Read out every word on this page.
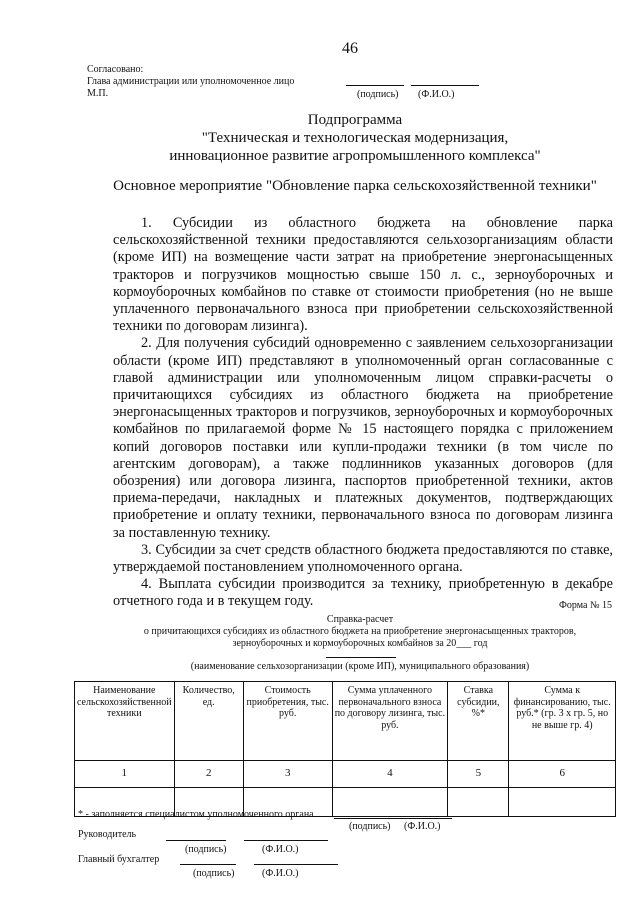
46
Согласовано:
Глава администрации или уполномоченное лицо
М.П.	(подпись) (Ф.И.О.)
Подпрограмма
"Техническая и технологическая модернизация,
инновационное развитие агропромышленного комплекса"
Основное мероприятие "Обновление парка сельскохозяйственной техники"

1. Субсидии из областного бюджета на обновление парка сельскохозяйственной техники предоставляются сельхозорганизациям области (кроме ИП) на возмещение части затрат на приобретение энергонасыщенных тракторов и погрузчиков мощностью свыше 150 л. с., зерноуборочных и кормоуборочных комбайнов по ставке от стоимости приобретения (но не выше уплаченного первоначального взноса при приобретении сельскохозяйственной техники по договорам лизинга).

2. Для получения субсидий одновременно с заявлением сельхозорганизации области (кроме ИП) представляют в уполномоченный орган согласованные с главой администрации или уполномоченным лицом справки-расчеты о причитающихся субсидиях из областного бюджета на приобретение энергонасыщенных тракторов и погрузчиков, зерноуборочных и кормоуборочных комбайнов по прилагаемой форме № 15 настоящего порядка с приложением копий договоров поставки или купли-продажи техники (в том числе по агентским договорам), а также подлинников указанных договоров (для обозрения) или договора лизинга, паспортов приобретенной техники, актов приема-передачи, накладных и платежных документов, подтверждающих приобретение и оплату техники, первоначального взноса по договорам лизинга за поставленную технику.

3. Субсидии за счет средств областного бюджета предоставляются по ставке, утверждаемой постановлением уполномоченного органа.

4. Выплата субсидии производится за технику, приобретенную в декабре отчетного года и в текущем году.	Форма № 15
Справка-расчет
о причитающихся субсидиях из областного бюджета на приобретение энергонасыщенных тракторов,
зерноуборочных и кормоуборочных комбайнов за 20___ год
(наименование сельхозорганизации (кроме ИП), муниципального образования)
Наименование сельскохозяйственной техники	Количество, ед.	Стоимость приобретения, тыс. руб.	Сумма уплаченного первоначального взноса по договору лизинга, тыс. руб.	Ставка субсидии, %*	Сумма к финансированию, тыс. руб.* (гр. 3 х гр. 5, но не выше гр. 4)
1	2	3	4	5	6

* - заполняется специалистом уполномоченного органа
(подпись) (Ф.И.О.)
Руководитель
(подпись)	(Ф.И.О.)
Главный бухгалтер
(подпись)	(Ф.И.О.)
